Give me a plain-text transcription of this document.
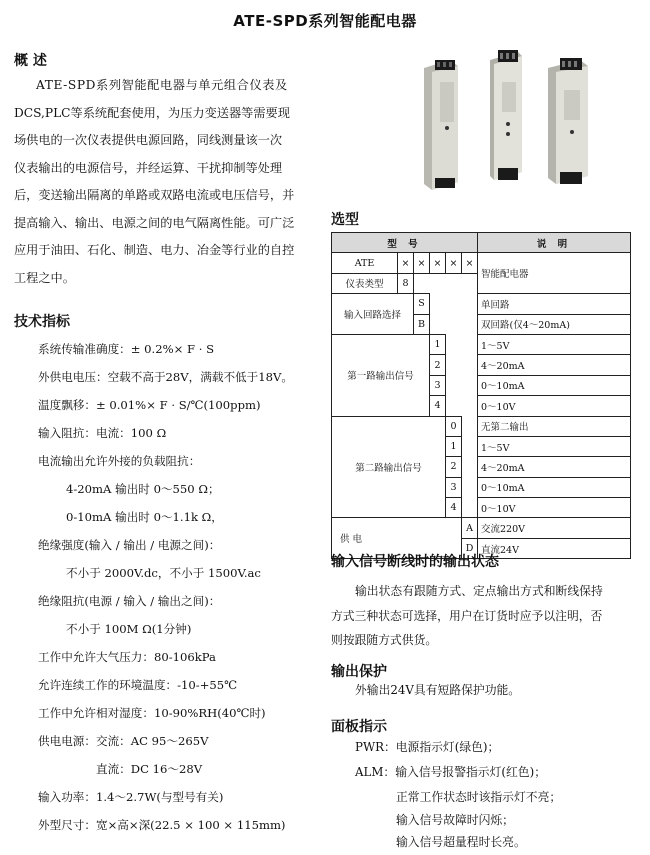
ATE-SPD系列智能配电器
概 述
ATE-SPD系列智能配电器与单元组合仪表及
DCS,PLC等系统配套使用，为压力变送器等需要现
场供电的一次仪表提供电源回路，同线测量该一次
仪表输出的电源信号，并经运算、干扰抑制等处理
后，变送输出隔离的单路或双路电流或电压信号，并
提高输入、输出、电源之间的电气隔离性能。可广泛
应用于油田、石化、制造、电力、冶金等行业的自控
工程之中。
技术指标
系统传输准确度：± 0.2%× F · S
外供电电压：空载不高于28V，满载不低于18V。
温度飘移：± 0.01%× F · S/℃(100ppm)
输入阻抗：电流：100 Ω
电流输出允许外接的负载阻抗：
4-20mA 输出时 0～550 Ω；
0-10mA 输出时 0～1.1k Ω，
绝缘强度(输入 / 输出 / 电源之间)：
不小于 2000V.dc，不小于 1500V.ac
绝缘阻抗(电源 / 输入 / 输出之间)：
不小于 100M Ω(1分钟)
工作中允许大气压力：80-106kPa
允许连续工作的环境温度：-10-+55℃
工作中允许相对湿度：10-90%RH(40℃时)
供电电源：交流：AC 95～265V
直流：DC 16～28V
输入功率：1.4～2.7W(与型号有关)
外型尺寸：宽×高×深(22.5 × 100 × 115mm)
选型
型 号						说 明
ATE	×	×	×	×	×	智能配电器
仪表类型	8					
输入回路选择		S				单回路
		B				双回路(仅4～20mA)
第一路输出信号			1			1～5V
			2			4～20mA
			3			0～10mA
			4			0～10V
第二路输出信号				0		无第二输出
				1		1～5V
				2		4～20mA
				3		0～10mA
				4		0～10V
供 电					A	交流220V
					D	直流24V
输入信号断线时的输出状态
输出状态有跟随方式、定点输出方式和断线保持
方式三种状态可选择，用户在订货时应予以注明，否
则按跟随方式供货。
输出保护
外输出24V具有短路保护功能。
面板指示
PWR：电源指示灯(绿色)；
ALM：输入信号报警指示灯(红色)；
正常工作状态时该指示灯不亮；
输入信号故障时闪烁；
输入信号超量程时长亮。
